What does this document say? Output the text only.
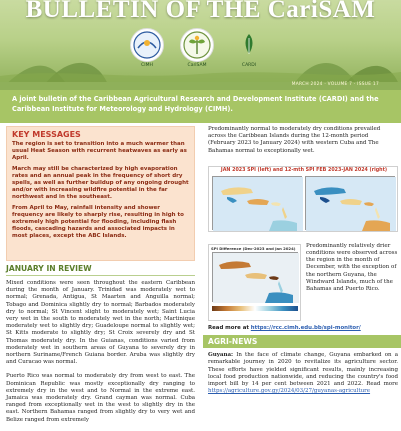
BULLETIN OF THE CariSAM
CIMH	CariSAM	CARDI
MARCH 2024 · VOLUME 7 · ISSUE 17
A joint bulletin of the Caribbean Agricultural Research and Development Institute (CARDI) and the Caribbean Institute for Meteorology and Hydrology (CIMH).
KEY MESSAGES

The region is set to transition into a much warmer than usual Heat Season with recurrent heatwaves as early as April.

March may still be characterized by high evaporation rates and an annual peak in the frequency of short dry spells, as well as further buildup of any ongoing drought and/or with increasing wildfire potential in the far northwest and in the southeast.

From April to May, rainfall intensity and shower frequency are likely to sharply rise, resulting in high to extremely high potential for flooding, including flash floods, cascading hazards and associated impacts in most places, except the ABC Islands.

JANUARY IN REVIEW

Mixed conditions were seen throughout the eastern Caribbean during the month of January. Trinidad was moderately wet to normal; Grenada, Antigua, St Maarten and Anguilla normal; Tobago and Dominica slightly dry to normal; Barbados moderately dry to normal; St Vincent slight to moderately wet; Saint Lucia very wet in the south to moderately wet in the north; Martinique moderately wet to slightly dry; Guadeloupe normal to slightly wet; St Kitts moderate to slightly dry; St Croix severely dry and St Thomas moderately dry. In the Guianas, conditions varied from moderately wet in southern areas of Guyana to severely dry in northern Suriname/French Guiana border. Aruba was slightly dry and Curacao was normal.

Puerto Rico was normal to moderately dry from west to east. The Dominican Republic was mostly exceptionally dry ranging to extremely dry in the west and to Normal in the extreme east. Jamaica was moderately dry. Grand cayman was normal. Cuba ranged from exceptionally wet in the west to slightly dry in the east. Northern Bahamas ranged from slightly dry to very wet and Belize ranged from extremely

Predominantly normal to moderately dry conditions prevailed across the Caribbean Islands during the 12-month period (February 2023 to January 2024) with western Cuba and The Bahamas normal to exceptionally wet.
JAN 2023 SPI (left) and 12-mth SPI FEB 2023-JAN 2024 (right)
SPI Difference (Dec-2023 and Jan 2024)	Predominantly relatively drier conditions were observed across the region in the month of December, with the exception of the northern Guyana, the Windward Islands, much of the Bahamas and Puerto Rico.
Read more at https://rcc.cimh.edu.bb/spi-monitor/
AGRI-NEWS
Guyana: In the face of climate change, Guyana embarked on a remarkable journey in 2020 to revitalize its agriculture sector. These efforts have yielded significant results, mainly increasing local food production nationwide, and reducing the country's food import bill by 14 per cent between 2021 and 2022. Read more https://agriculture.gov.gy/2024/03/27/guyanas-agriculture
